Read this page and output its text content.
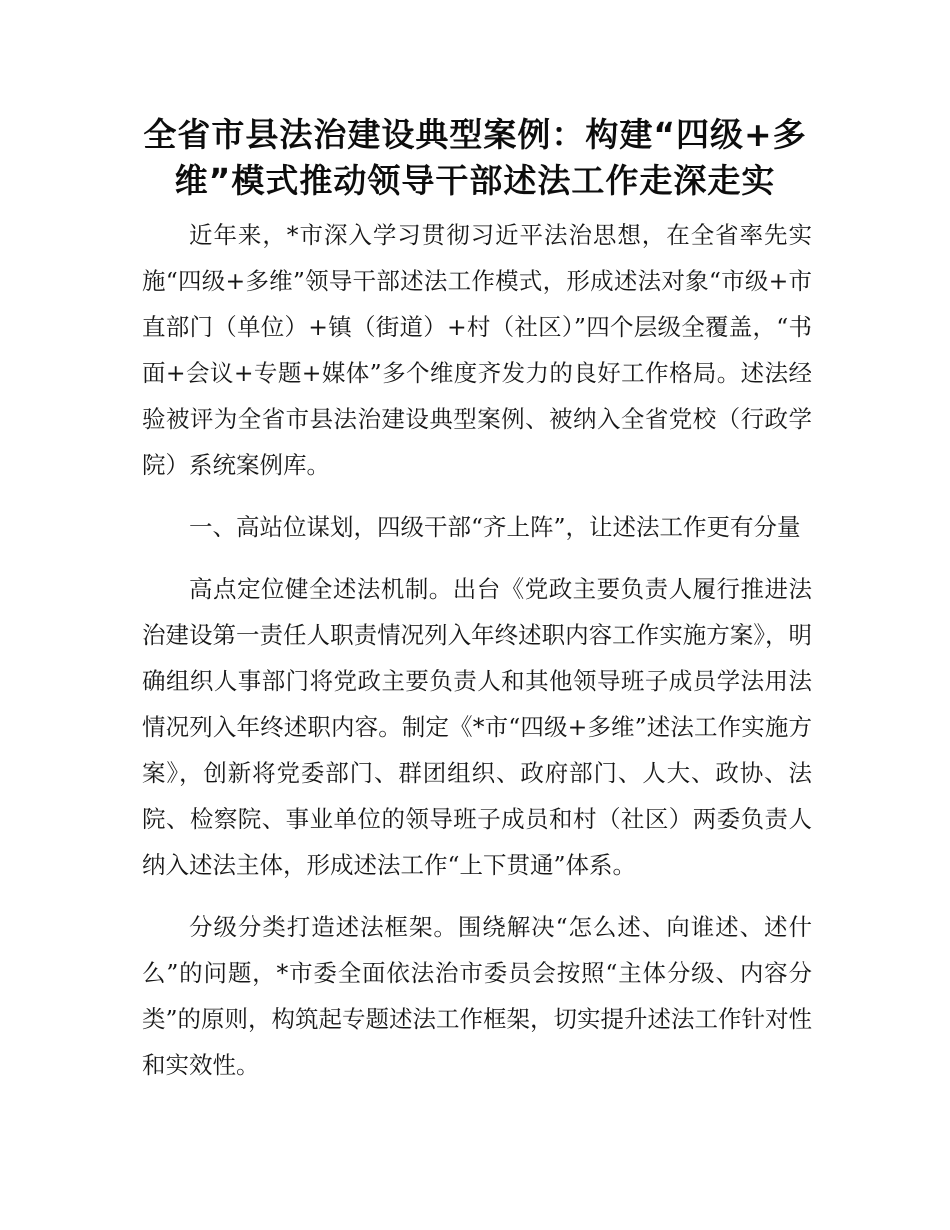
全省市县法治建设典型案例：构建“四级+多
维”模式推动领导干部述法工作走深走实

近年来，*市深入学习贯彻习近平法治思想，在全省率先实施“四级+多维”领导干部述法工作模式，形成述法对象“市级+市直部门（单位）+镇（街道）+村（社区）”四个层级全覆盖，“书面+会议+专题+媒体”多个维度齐发力的良好工作格局。述法经验被评为全省市县法治建设典型案例、被纳入全省党校（行政学院）系统案例库。

一、高站位谋划，四级干部“齐上阵”，让述法工作更有分量

高点定位健全述法机制。出台《党政主要负责人履行推进法治建设第一责任人职责情况列入年终述职内容工作实施方案》，明确组织人事部门将党政主要负责人和其他领导班子成员学法用法情况列入年终述职内容。制定《*市“四级+多维”述法工作实施方案》，创新将党委部门、群团组织、政府部门、人大、政协、法院、检察院、事业单位的领导班子成员和村（社区）两委负责人纳入述法主体，形成述法工作“上下贯通”体系。

分级分类打造述法框架。围绕解决“怎么述、向谁述、述什么”的问题，*市委全面依法治市委员会按照“主体分级、内容分类”的原则，构筑起专题述法工作框架，切实提升述法工作针对性和实效性。
